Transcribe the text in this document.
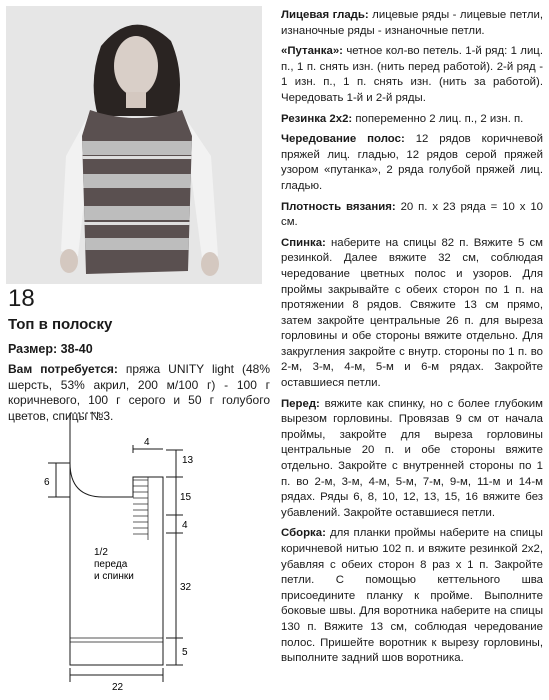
18
Топ в полоску
Размер: 38-40
Вам потребуется: пряжа UNITY light (48% шерсть, 53% акрил, 200 м/100 г) - 100 г коричневого, 100 г серого и 50 г голубого цветов, спицы №3.
4
6
13
15
4
32
5
22
1/2
переда
и спинки

Лицевая гладь: лицевые ряды - лицевые петли, изнаночные ряды - изнаночные петли.

«Путанка»: четное кол-во петель. 1-й ряд: 1 лиц. п., 1 п. снять изн. (нить перед работой). 2-й ряд - 1 изн. п., 1 п. снять изн. (нить за работой). Чередовать 1-й и 2-й ряды.

Резинка 2х2: попеременно 2 лиц. п., 2 изн. п.

Чередование полос: 12 рядов коричневой пряжей лиц. гладью, 12 рядов серой пряжей узором «путанка», 2 ряда голубой пряжей лиц. гладью.

Плотность вязания: 20 п. х 23 ряда = 10 х 10 см.

Спинка: наберите на спицы 82 п. Вяжите 5 см резинкой. Далее вяжите 32 см, соблюдая чередование цветных полос и узоров. Для проймы закрывайте с обеих сторон по 1 п. на протяжении 8 рядов. Свяжите 13 см прямо, затем закройте центральные 26 п. для выреза горловины и обе стороны вяжите отдельно. Для закругления закройте с внутр. стороны по 1 п. во 2-м, 3-м, 4-м, 5-м и 6-м рядах. Закройте оставшиеся петли.

Перед: вяжите как спинку, но с более глубоким вырезом горловины. Провязав 9 см от начала проймы, закройте для выреза горловины центральные 20 п. и обе стороны вяжите отдельно. Закройте с внутренней стороны по 1 п. во 2-м, 3-м, 4-м, 5-м, 7-м, 9-м, 11-м и 14-м рядах. Ряды 6, 8, 10, 12, 13, 15, 16 вяжите без убавлений. Закройте оставшиеся петли.

Сборка: для планки проймы наберите на спицы коричневой нитью 102 п. и вяжите резинкой 2х2, убавляя с обеих сторон 8 раз х 1 п. Закройте петли. С помощью кеттельного шва присоедините планку к пройме. Выполните боковые швы. Для воротника наберите на спицы 130 п. Вяжите 13 см, соблюдая чередование полос. Пришейте воротник к вырезу горловины, выполните задний шов воротника.
